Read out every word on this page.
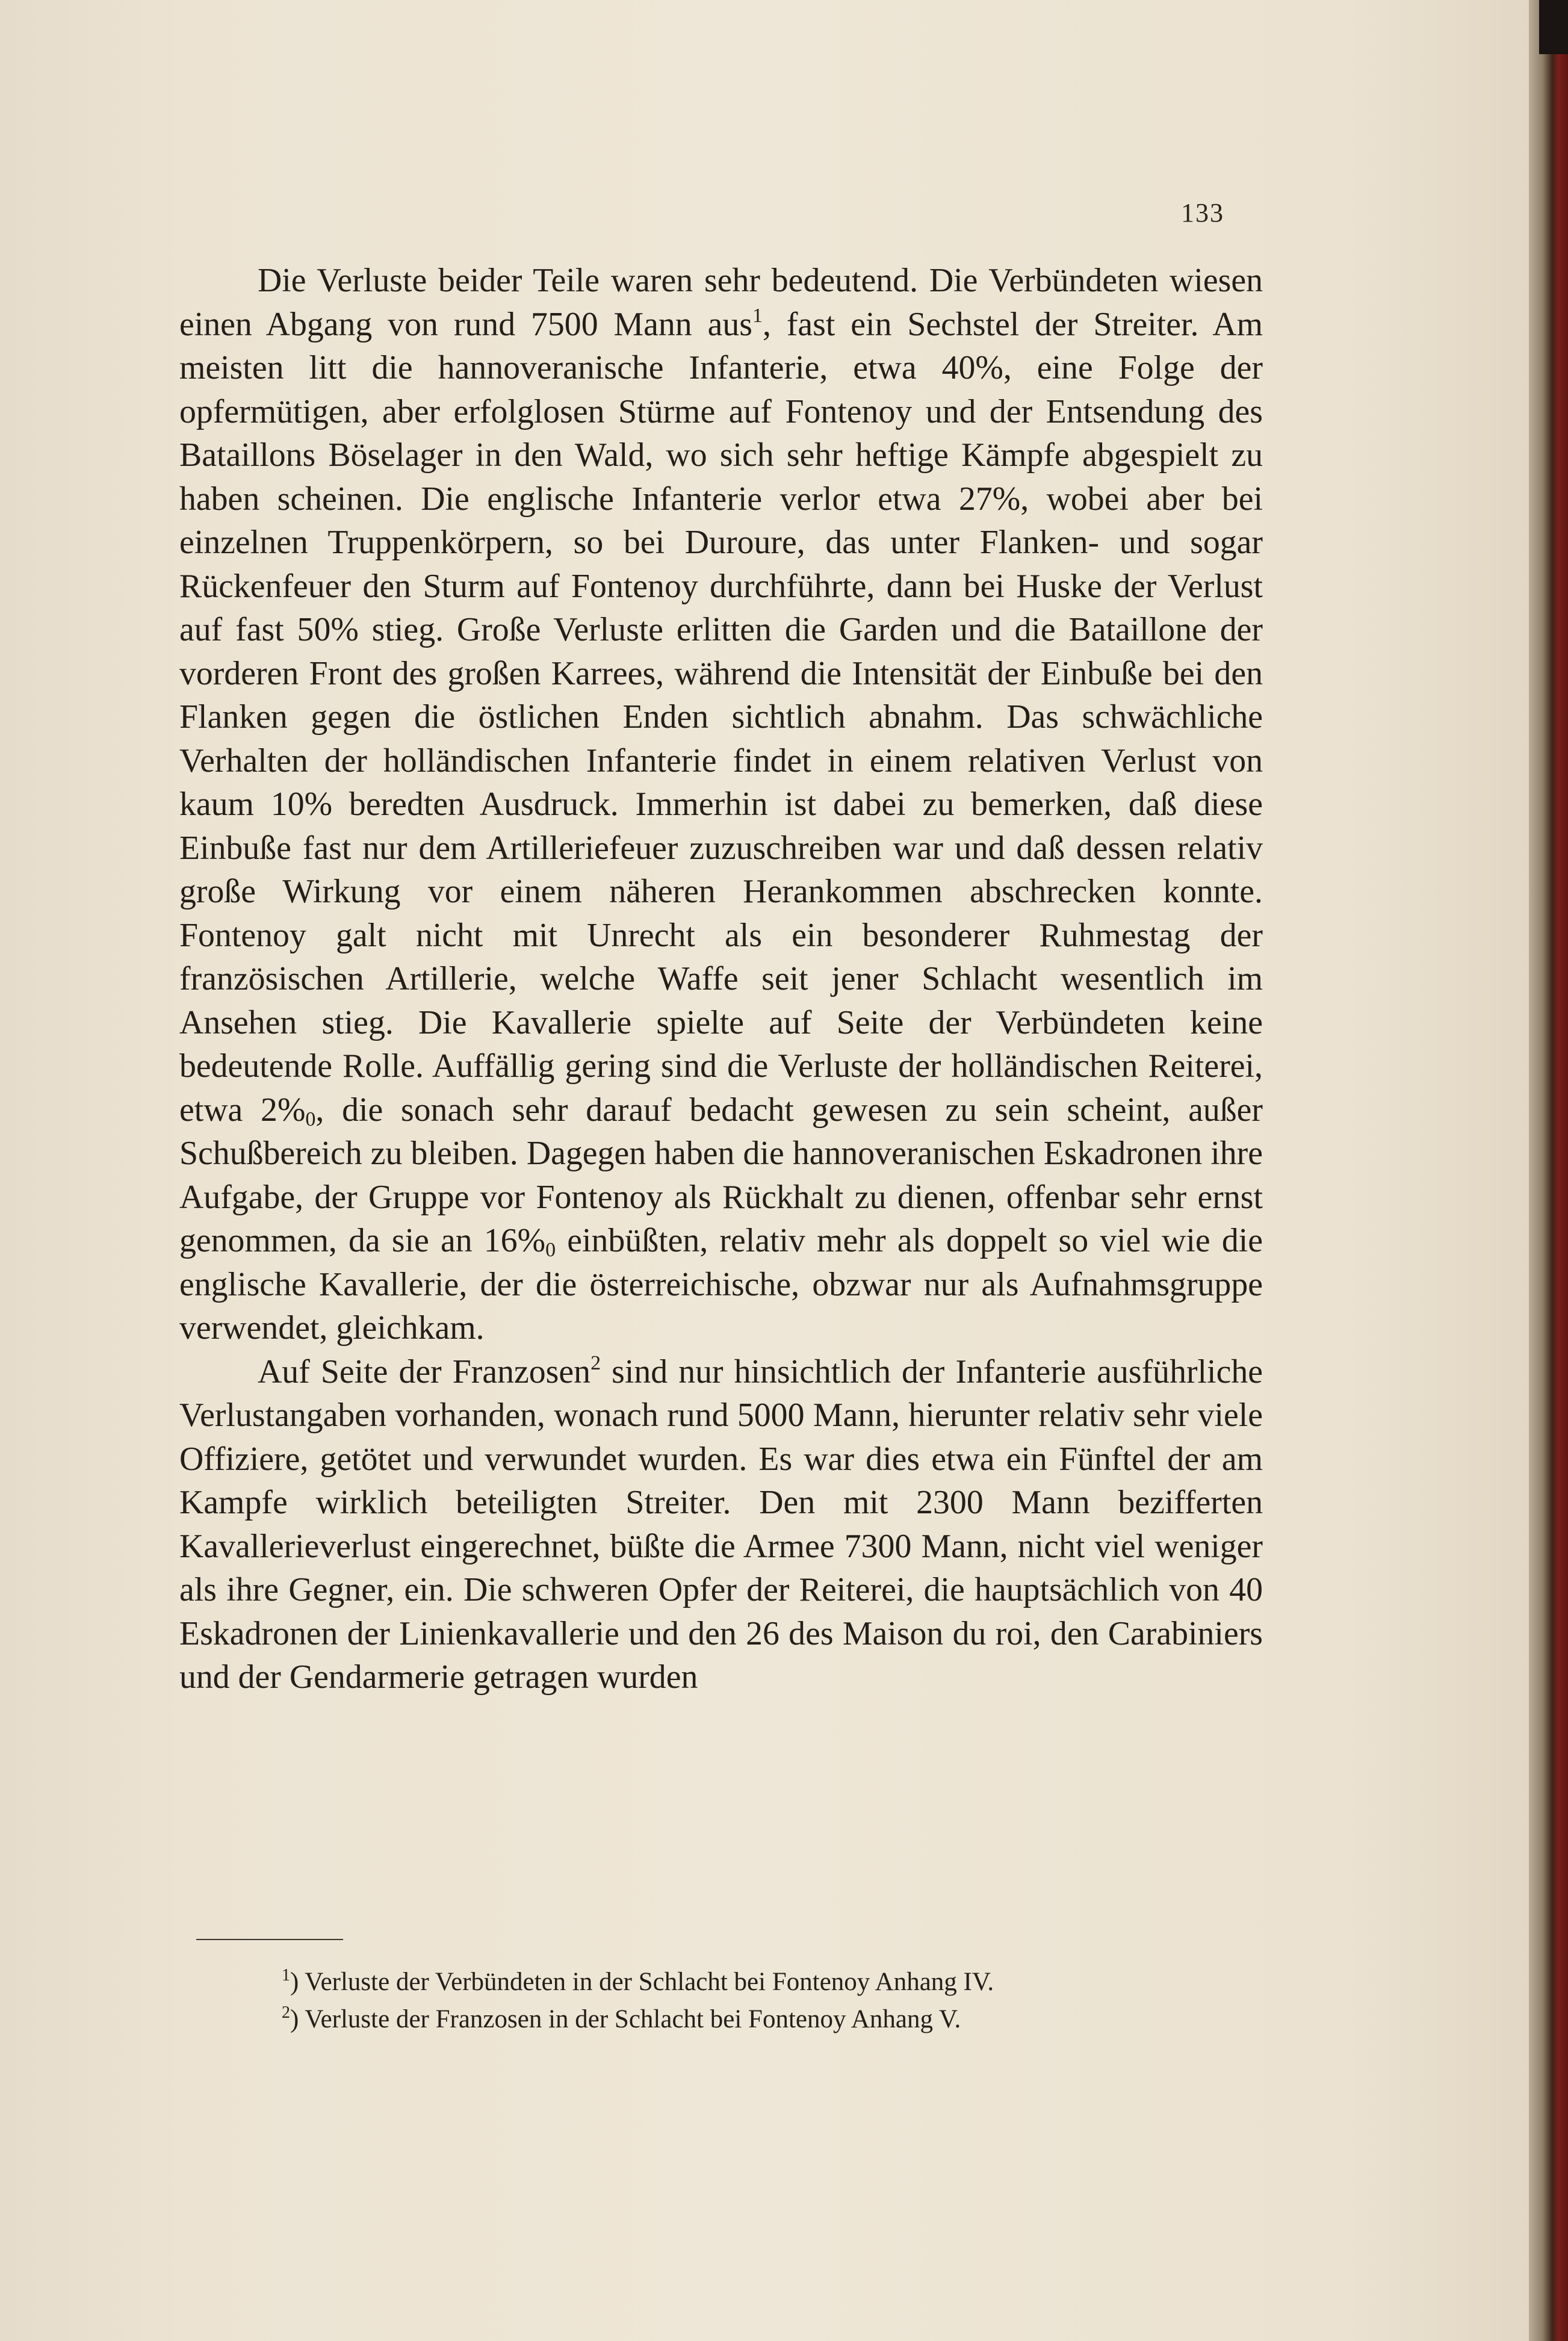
133

Die Verluste beider Teile waren sehr bedeutend. Die Verbündeten wiesen einen Abgang von rund 7500 Mann aus$^1$, fast ein Sechstel der Streiter. Am meisten litt die hannoveranische Infanterie, etwa 40%, eine Folge der opfermütigen, aber erfolglosen Stürme auf Fontenoy und der Entsendung des Bataillons Böselager in den Wald, wo sich sehr heftige Kämpfe abgespielt zu haben scheinen. Die englische Infanterie verlor etwa 27%, wobei aber bei einzelnen Truppenkörpern, so bei Duroure, das unter Flanken- und sogar Rückenfeuer den Sturm auf Fontenoy durchführte, dann bei Huske der Verlust auf fast 50% stieg. Große Verluste erlitten die Garden und die Bataillone der vorderen Front des großen Karrees, während die Intensität der Einbuße bei den Flanken gegen die östlichen Enden sichtlich abnahm. Das schwächliche Verhalten der holländischen Infanterie findet in einem relativen Verlust von kaum 10% beredten Ausdruck. Immerhin ist dabei zu bemerken, daß diese Einbuße fast nur dem Artilleriefeuer zuzuschreiben war und daß dessen relativ große Wirkung vor einem näheren Herankommen abschrecken konnte. Fontenoy galt nicht mit Unrecht als ein besonderer Ruhmestag der französischen Artillerie, welche Waffe seit jener Schlacht wesentlich im Ansehen stieg. Die Kavallerie spielte auf Seite der Verbündeten keine bedeutende Rolle. Auffällig gering sind die Verluste der holländischen Reiterei, etwa 2%0, die sonach sehr darauf bedacht gewesen zu sein scheint, außer Schußbereich zu bleiben. Dagegen haben die hannoveranischen Eskadronen ihre Aufgabe, der Gruppe vor Fontenoy als Rückhalt zu dienen, offenbar sehr ernst genommen, da sie an 16%0 einbüßten, relativ mehr als doppelt so viel wie die englische Kavallerie, der die österreichische, obzwar nur als Aufnahmsgruppe verwendet, gleichkam.

Auf Seite der Franzosen$^2$ sind nur hinsichtlich der Infanterie ausführliche Verlustangaben vorhanden, wonach rund 5000 Mann, hierunter relativ sehr viele Offiziere, getötet und verwundet wurden. Es war dies etwa ein Fünftel der am Kampfe wirklich beteiligten Streiter. Den mit 2300 Mann bezifferten Kavallerieverlust eingerechnet, büßte die Armee 7300 Mann, nicht viel weniger als ihre Gegner, ein. Die schweren Opfer der Reiterei, die hauptsächlich von 40 Eskadronen der Linienkavallerie und den 26 des Maison du roi, den Carabiniers und der Gendarmerie getragen wurden

$^1$) Verluste der Verbündeten in der Schlacht bei Fontenoy Anhang IV.

$^2$) Verluste der Franzosen in der Schlacht bei Fontenoy Anhang V.
